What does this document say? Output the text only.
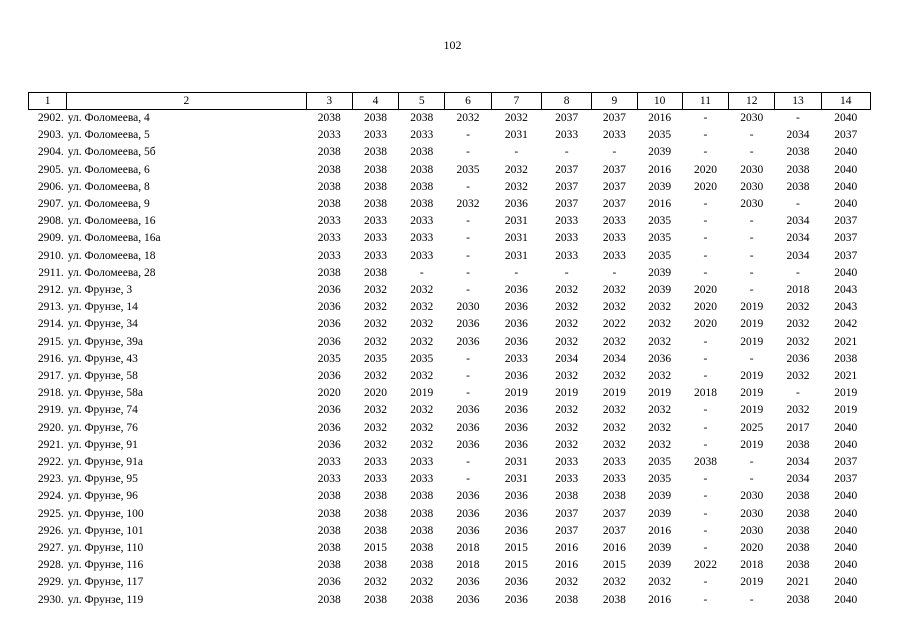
102
1	2	3	4	5	6	7	8	9	10	11	12	13	14
2902.	ул. Фоломеева, 4	2038	2038	2038	2032	2032	2037	2037	2016	-	2030	-	2040
2903.	ул. Фоломеева, 5	2033	2033	2033	-	2031	2033	2033	2035	-	-	2034	2037
2904.	ул. Фоломеева, 5б	2038	2038	2038	-	-	-	-	2039	-	-	2038	2040
2905.	ул. Фоломеева, 6	2038	2038	2038	2035	2032	2037	2037	2016	2020	2030	2038	2040
2906.	ул. Фоломеева, 8	2038	2038	2038	-	2032	2037	2037	2039	2020	2030	2038	2040
2907.	ул. Фоломеева, 9	2038	2038	2038	2032	2036	2037	2037	2016	-	2030	-	2040
2908.	ул. Фоломеева, 16	2033	2033	2033	-	2031	2033	2033	2035	-	-	2034	2037
2909.	ул. Фоломеева, 16а	2033	2033	2033	-	2031	2033	2033	2035	-	-	2034	2037
2910.	ул. Фоломеева, 18	2033	2033	2033	-	2031	2033	2033	2035	-	-	2034	2037
2911.	ул. Фоломеева, 28	2038	2038	-	-	-	-	-	2039	-	-	-	2040
2912.	ул. Фрунзе, 3	2036	2032	2032	-	2036	2032	2032	2039	2020	-	2018	2043
2913.	ул. Фрунзе, 14	2036	2032	2032	2030	2036	2032	2032	2032	2020	2019	2032	2043
2914.	ул. Фрунзе, 34	2036	2032	2032	2036	2036	2032	2022	2032	2020	2019	2032	2042
2915.	ул. Фрунзе, 39а	2036	2032	2032	2036	2036	2032	2032	2032	-	2019	2032	2021
2916.	ул. Фрунзе, 43	2035	2035	2035	-	2033	2034	2034	2036	-	-	2036	2038
2917.	ул. Фрунзе, 58	2036	2032	2032	-	2036	2032	2032	2032	-	2019	2032	2021
2918.	ул. Фрунзе, 58а	2020	2020	2019	-	2019	2019	2019	2019	2018	2019	-	2019
2919.	ул. Фрунзе, 74	2036	2032	2032	2036	2036	2032	2032	2032	-	2019	2032	2019
2920.	ул. Фрунзе, 76	2036	2032	2032	2036	2036	2032	2032	2032	-	2025	2017	2040
2921.	ул. Фрунзе, 91	2036	2032	2032	2036	2036	2032	2032	2032	-	2019	2038	2040
2922.	ул. Фрунзе, 91а	2033	2033	2033	-	2031	2033	2033	2035	2038	-	2034	2037
2923.	ул. Фрунзе, 95	2033	2033	2033	-	2031	2033	2033	2035	-	-	2034	2037
2924.	ул. Фрунзе, 96	2038	2038	2038	2036	2036	2038	2038	2039	-	2030	2038	2040
2925.	ул. Фрунзе, 100	2038	2038	2038	2036	2036	2037	2037	2039	-	2030	2038	2040
2926.	ул. Фрунзе, 101	2038	2038	2038	2036	2036	2037	2037	2016	-	2030	2038	2040
2927.	ул. Фрунзе, 110	2038	2015	2038	2018	2015	2016	2016	2039	-	2020	2038	2040
2928.	ул. Фрунзе, 116	2038	2038	2038	2018	2015	2016	2015	2039	2022	2018	2038	2040
2929.	ул. Фрунзе, 117	2036	2032	2032	2036	2036	2032	2032	2032	-	2019	2021	2040
2930.	ул. Фрунзе, 119	2038	2038	2038	2036	2036	2038	2038	2016	-	-	2038	2040
